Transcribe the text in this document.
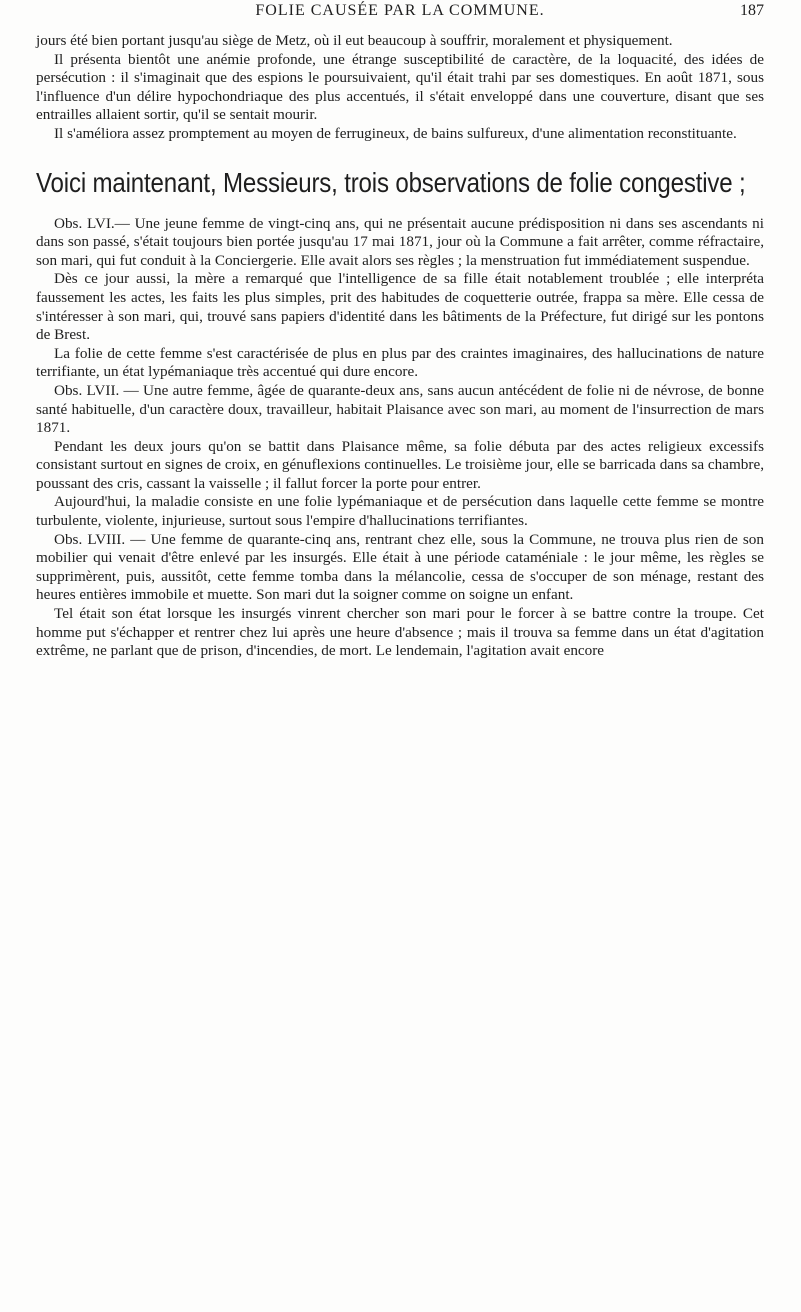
FOLIE CAUSÉE PAR LA COMMUNE.	187

jours été bien portant jusqu'au siège de Metz, où il eut beaucoup à souffrir, moralement et physiquement.

Il présenta bientôt une anémie profonde, une étrange susceptibilité de caractère, de la loquacité, des idées de persécution : il s'imaginait que des espions le poursuivaient, qu'il était trahi par ses domestiques. En août 1871, sous l'influence d'un délire hypochondriaque des plus accentués, il s'était enveloppé dans une couverture, disant que ses entrailles allaient sortir, qu'il se sentait mourir.

Il s'améliora assez promptement au moyen de ferrugineux, de bains sulfureux, d'une alimentation reconstituante.

Voici maintenant, Messieurs, trois observations de folie congestive ;

Obs. LVI.— Une jeune femme de vingt-cinq ans, qui ne présentait aucune prédisposition ni dans ses ascendants ni dans son passé, s'était toujours bien portée jusqu'au 17 mai 1871, jour où la Commune a fait arrêter, comme réfractaire, son mari, qui fut conduit à la Conciergerie. Elle avait alors ses règles ; la menstruation fut immédiatement suspendue.

Dès ce jour aussi, la mère a remarqué que l'intelligence de sa fille était notablement troublée ; elle interpréta faussement les actes, les faits les plus simples, prit des habitudes de coquetterie outrée, frappa sa mère. Elle cessa de s'intéresser à son mari, qui, trouvé sans papiers d'identité dans les bâtiments de la Préfecture, fut dirigé sur les pontons de Brest.

La folie de cette femme s'est caractérisée de plus en plus par des craintes imaginaires, des hallucinations de nature terrifiante, un état lypémaniaque très accentué qui dure encore.

Obs. LVII. — Une autre femme, âgée de quarante-deux ans, sans aucun antécédent de folie ni de névrose, de bonne santé habituelle, d'un caractère doux, travailleur, habitait Plaisance avec son mari, au moment de l'insurrection de mars 1871.

Pendant les deux jours qu'on se battit dans Plaisance même, sa folie débuta par des actes religieux excessifs consistant surtout en signes de croix, en génuflexions continuelles. Le troisième jour, elle se barricada dans sa chambre, poussant des cris, cassant la vaisselle ; il fallut forcer la porte pour entrer.

Aujourd'hui, la maladie consiste en une folie lypémaniaque et de persécution dans laquelle cette femme se montre turbulente, violente, injurieuse, surtout sous l'empire d'hallucinations terrifiantes.

Obs. LVIII. — Une femme de quarante-cinq ans, rentrant chez elle, sous la Commune, ne trouva plus rien de son mobilier qui venait d'être enlevé par les insurgés. Elle était à une période cataméniale : le jour même, les règles se supprimèrent, puis, aussitôt, cette femme tomba dans la mélancolie, cessa de s'occuper de son ménage, restant des heures entières immobile et muette. Son mari dut la soigner comme on soigne un enfant.

Tel était son état lorsque les insurgés vinrent chercher son mari pour le forcer à se battre contre la troupe. Cet homme put s'échapper et rentrer chez lui après une heure d'absence ; mais il trouva sa femme dans un état d'agitation extrême, ne parlant que de prison, d'incendies, de mort. Le lendemain, l'agitation avait encore
